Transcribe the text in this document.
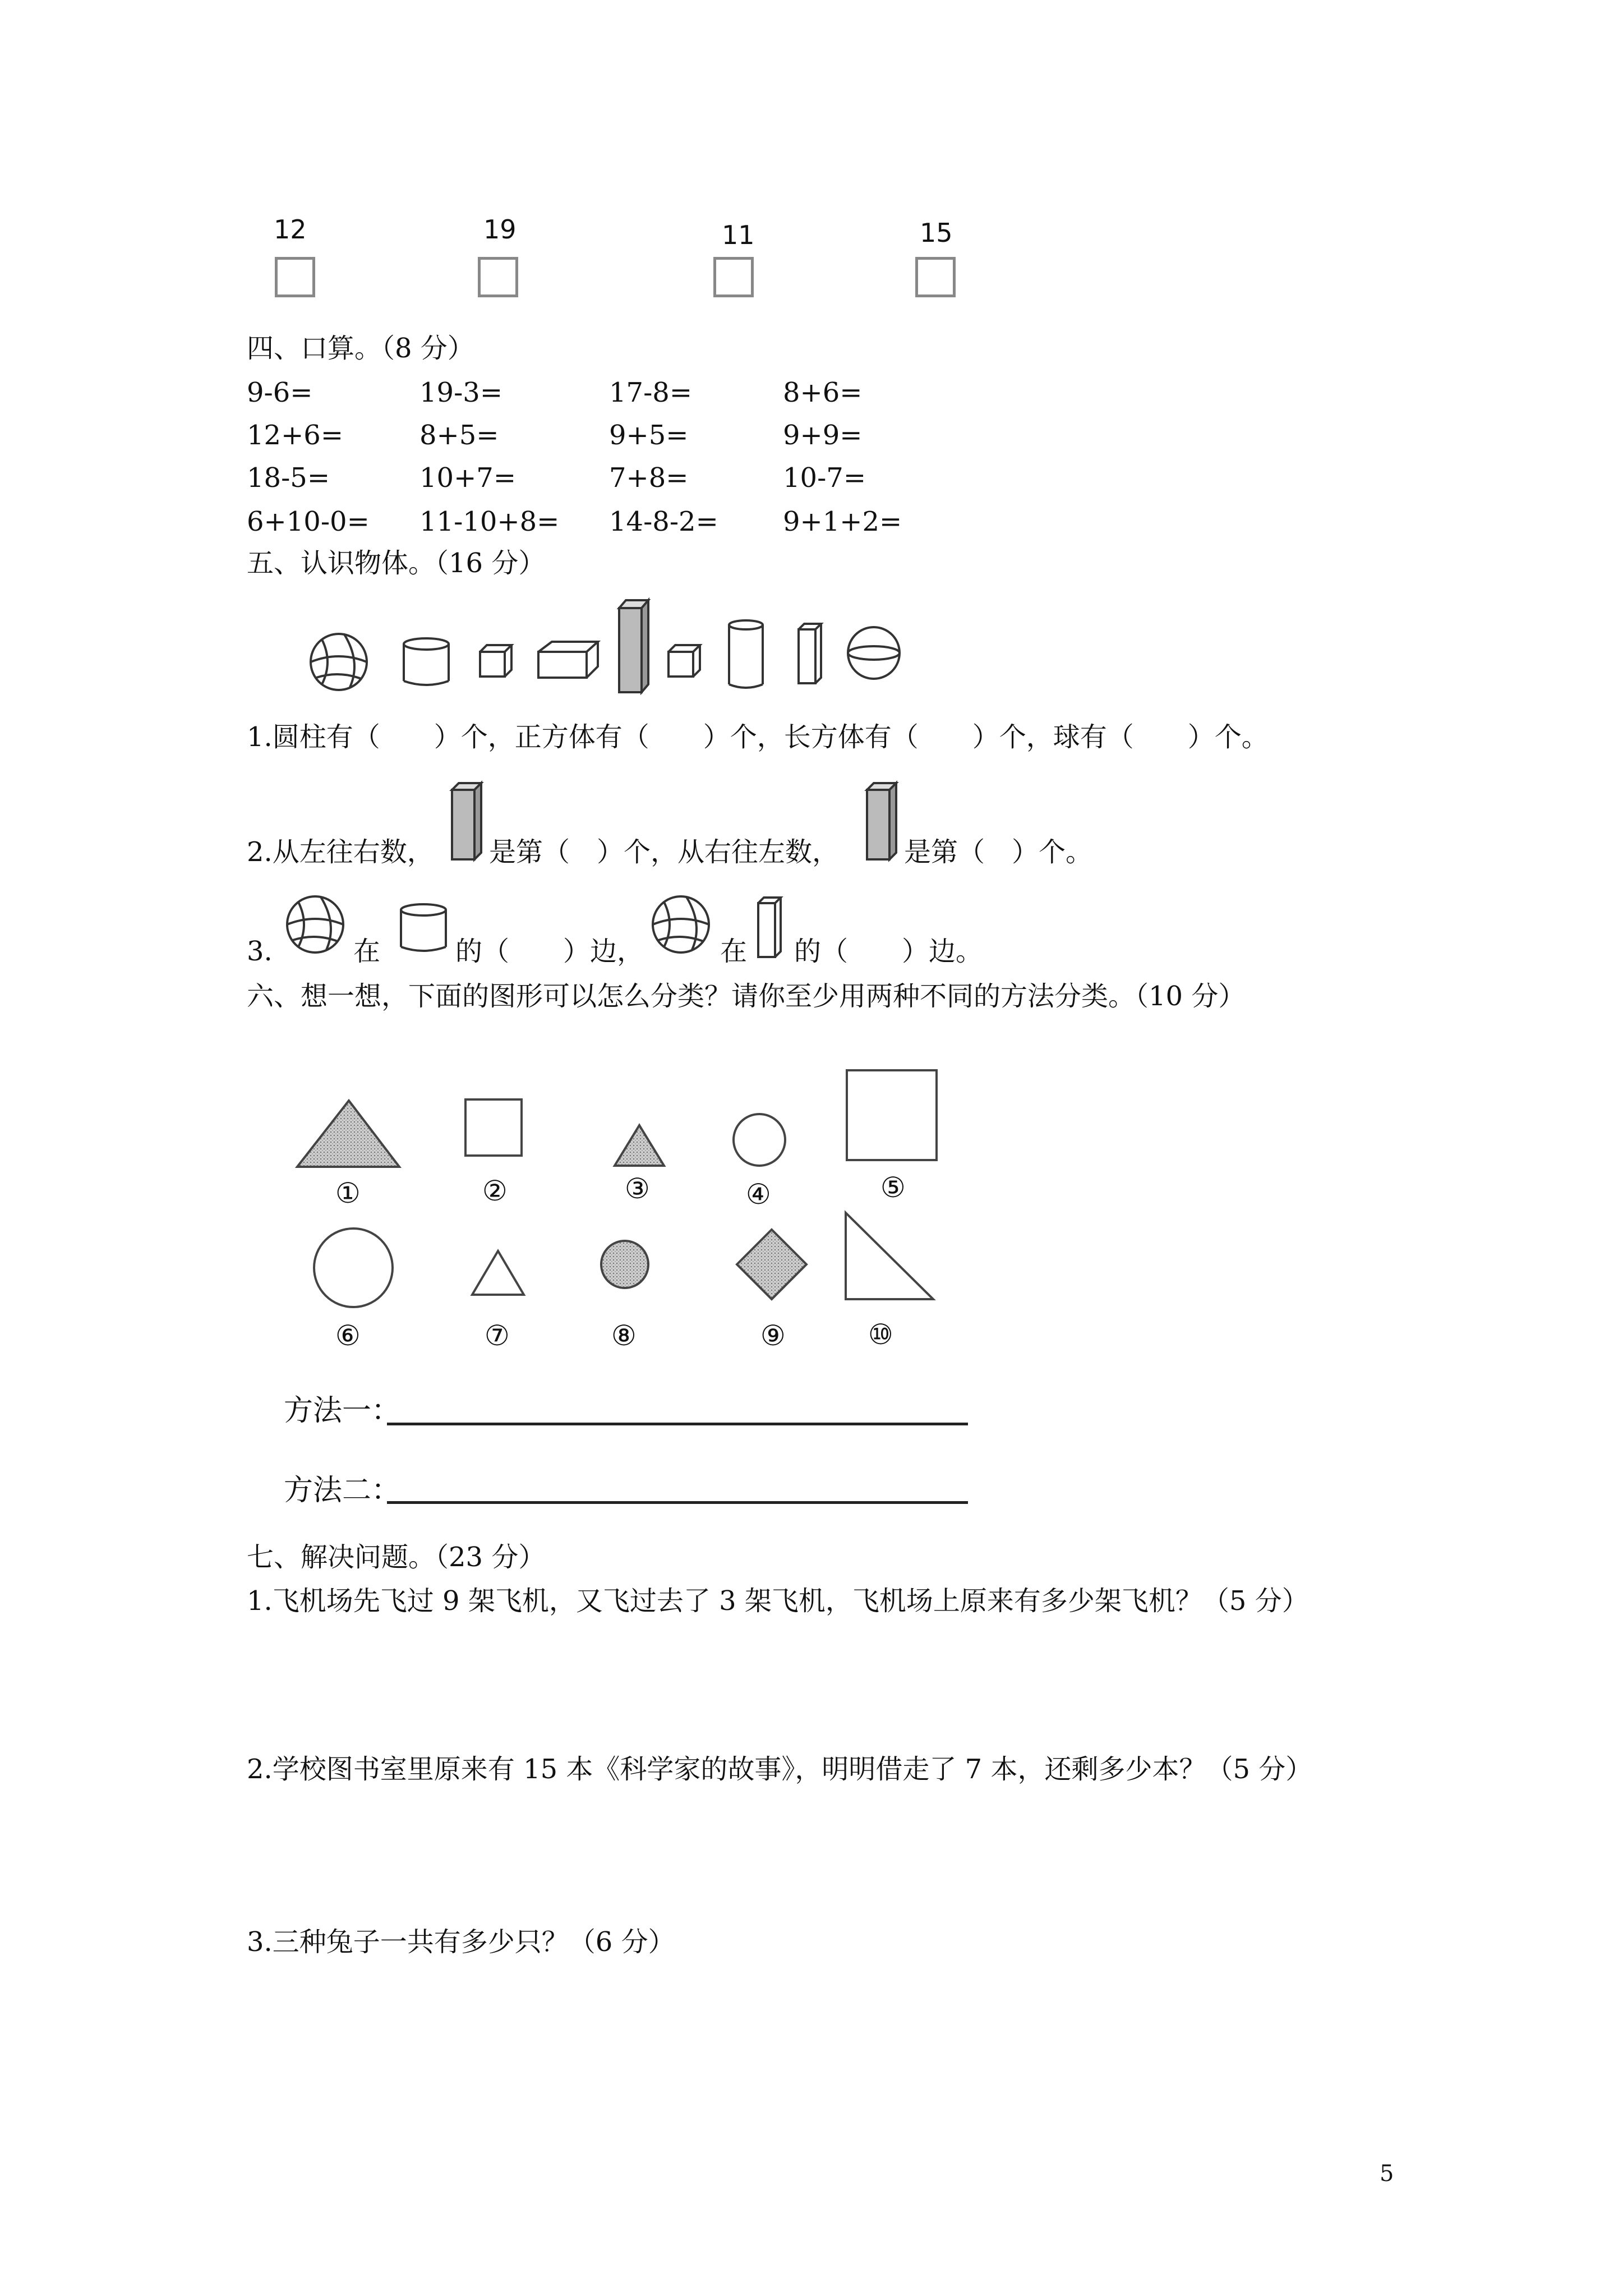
12	19	11	15
四、口算。（8 分）
9-6=	19-3=	17-8=	8+6=
12+6=	8+5=	9+5=	9+9=
18-5=	10+7=	7+8=	10-7=
6+10-0= 11-10+8= 14-8-2= 9+1+2=
五、认识物体。（16 分）
1.圆柱有（　　）个，正方体有（　　）个，长方体有（　　）个，球有（　　）个。
2.从左往右数， 是第（　）个，从右往左数， 是第（　）个。
3.	在	的（　　）边，	在 的（　　）边。
六、想一想，下面的图形可以怎么分类？请你至少用两种不同的方法分类。（10 分）
①	②	③	④	⑤
⑥	⑦	⑧	⑨	⑩
方法一：
方法二：
七、解决问题。（23 分）
1.飞机场先飞过 9 架飞机，又飞过去了 3 架飞机，飞机场上原来有多少架飞机？（5 分）
2.学校图书室里原来有 15 本《科学家的故事》，明明借走了 7 本，还剩多少本？（5 分）
3.三种兔子一共有多少只？（6 分）
5
